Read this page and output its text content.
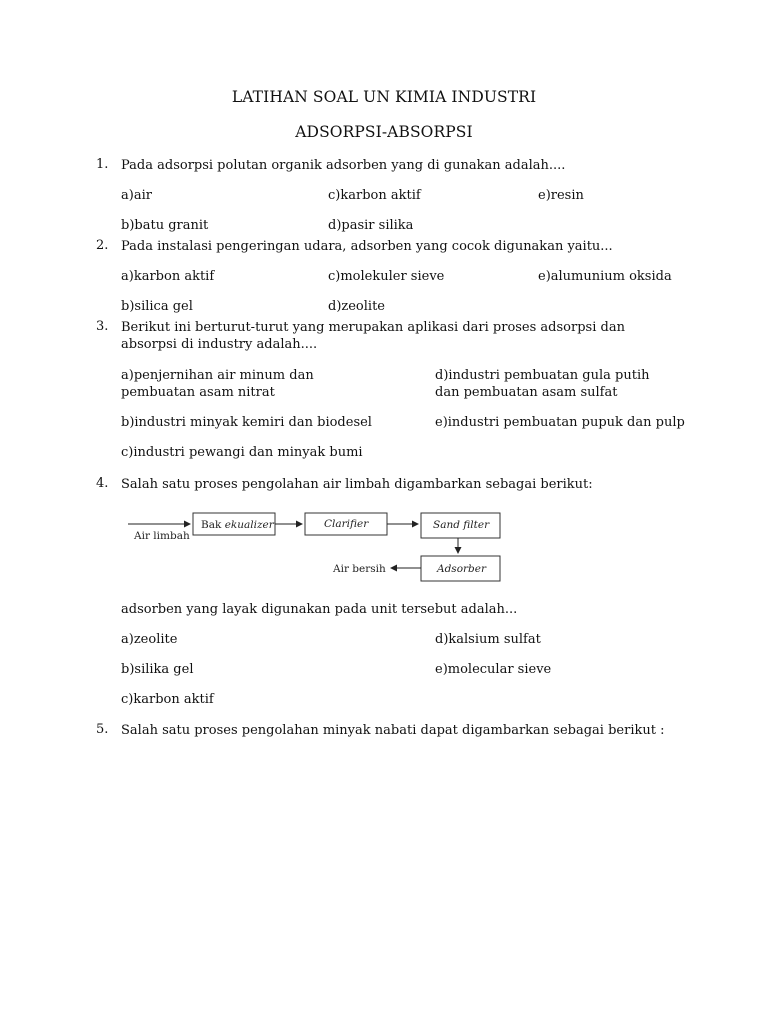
LATIHAN SOAL UN KIMIA INDUSTRI
ADSORPSI-ABSORPSI
1. Pada adsorpsi polutan organik adsorben yang di gunakan adalah....
a)air	c)karbon aktif	e)resin
b)batu granit	d)pasir silika
2. Pada instalasi pengeringan udara, adsorben yang cocok digunakan yaitu...
a)karbon aktif	c)molekuler sieve	e)alumunium oksida
b)silica gel	d)zeolite
3. Berikut ini berturut-turut yang merupakan aplikasi dari proses adsorpsi dan absorpsi di industry adalah....
a)penjernihan air minum dan pembuatan asam nitrat
d)industri pembuatan gula putih dan pembuatan asam sulfat
b)industri minyak kemiri dan biodesel	e)industri pembuatan pupuk dan pulp
c)industri pewangi dan minyak bumi
4. Salah satu proses pengolahan air limbah digambarkan sebagai berikut:
Air limbah
Bak ekualizer	Clarifier	Sand filter
Adsorber
Air bersih
adsorben yang layak digunakan pada unit tersebut adalah...
a)zeolite	d)kalsium sulfat
b)silika gel	e)molecular sieve
c)karbon aktif
5. Salah satu proses pengolahan minyak nabati dapat digambarkan sebagai berikut :
